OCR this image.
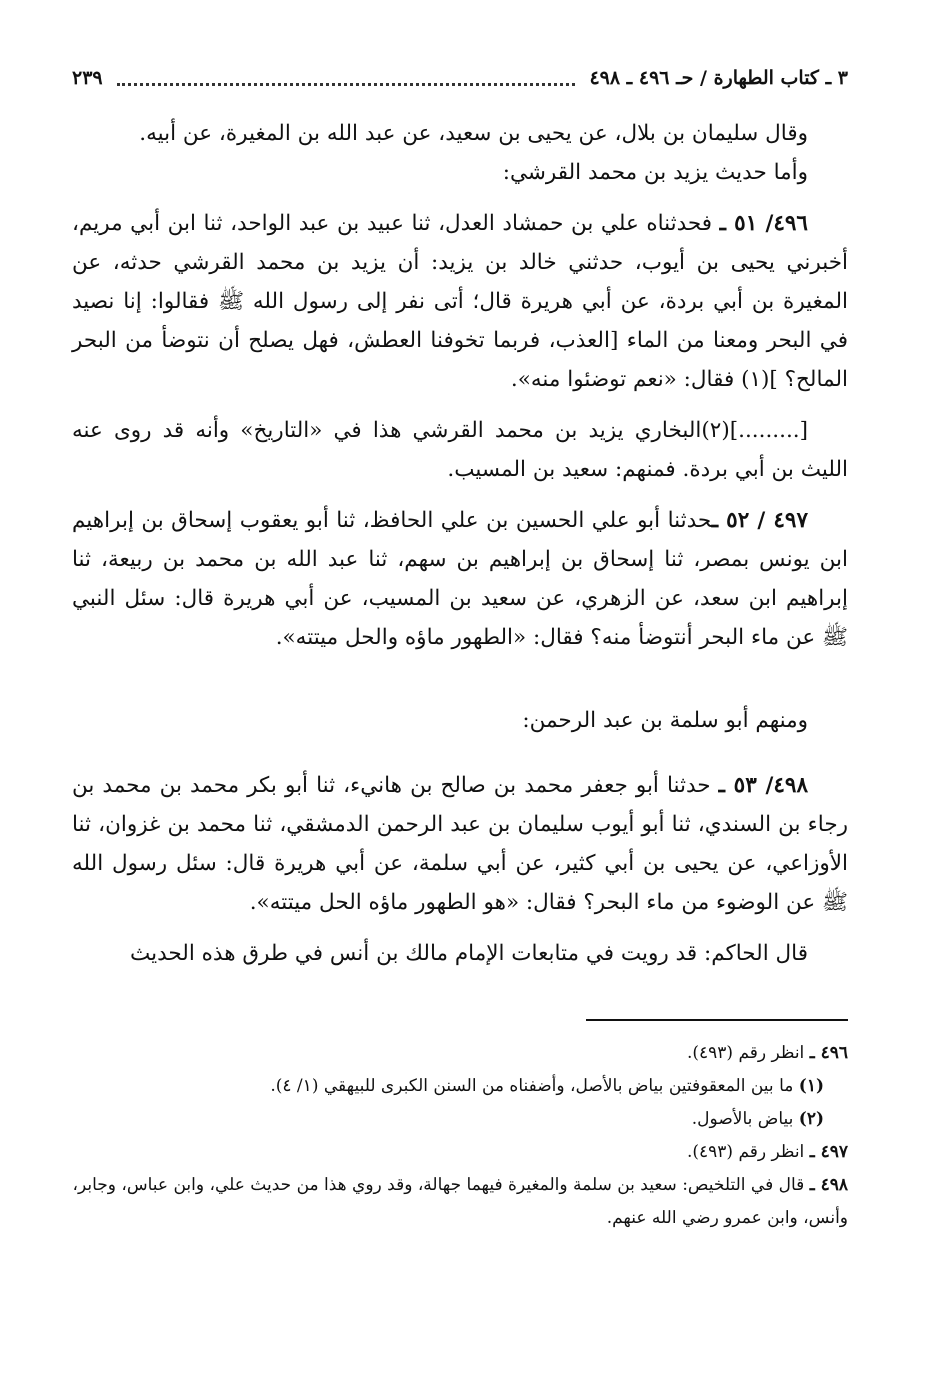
٣ ـ كتاب الطهارة / حـ ٤٩٦ ـ ٤٩٨
٢٣٩

وقال سليمان بن بلال، عن يحيى بن سعيد، عن عبد الله بن المغيرة، عن أبيه.

وأما حديث يزيد بن محمد القرشي:

٤٩٦/ ٥١ ـ فحدثناه علي بن حمشاد العدل، ثنا عبيد بن عبد الواحد، ثنا ابن أبي مريم، أخبرني يحيى بن أيوب، حدثني خالد بن يزيد: أن يزيد بن محمد القرشي حدثه، عن المغيرة بن أبي بردة، عن أبي هريرة قال؛ أتى نفر إلى رسول الله ﷺ فقالوا: إنا نصيد في البحر ومعنا من الماء [العذب، فربما تخوفنا العطش، فهل يصلح أن نتوضأ من البحر المالح؟ ](١) فقال: «نعم توضئوا منه».

[.........](٢)البخاري يزيد بن محمد القرشي هذا في «التاريخ» وأنه قد روى عنه الليث بن أبي بردة. فمنهم: سعيد بن المسيب.

٤٩٧ / ٥٢ ـحدثنا أبو علي الحسين بن علي الحافظ، ثنا أبو يعقوب إسحاق بن إبراهيم ابن يونس بمصر، ثنا إسحاق بن إبراهيم بن سهم، ثنا عبد الله بن محمد بن ربيعة، ثنا إبراهيم ابن سعد، عن الزهري، عن سعيد بن المسيب، عن أبي هريرة قال: سئل النبي ﷺ عن ماء البحر أنتوضأ منه؟ فقال: «الطهور ماؤه والحل ميتته».

ومنهم أبو سلمة بن عبد الرحمن:

٤٩٨/ ٥٣ ـ حدثنا أبو جعفر محمد بن صالح بن هانيء، ثنا أبو بكر محمد بن محمد بن رجاء بن السندي، ثنا أبو أيوب سليمان بن عبد الرحمن الدمشقي، ثنا محمد بن غزوان، ثنا الأوزاعي، عن يحيى بن أبي كثير، عن أبي سلمة، عن أبي هريرة قال: سئل رسول الله ﷺ عن الوضوء من ماء البحر؟ فقال: «هو الطهور ماؤه الحل ميتته».

قال الحاكم: قد رويت في متابعات الإمام مالك بن أنس في طرق هذه الحديث

٤٩٦ ـ انظر رقم (٤٩٣).
(١) ما بين المعقوفتين بياض بالأصل، وأضفناه من السنن الكبرى للبيهقي (١/ ٤).
(٢) بياض بالأصول.
٤٩٧ ـ انظر رقم (٤٩٣).
٤٩٨ ـ قال في التلخيص: سعيد بن سلمة والمغيرة فيهما جهالة، وقد روي هذا من حديث علي، وابن عباس، وجابر، وأنس، وابن عمرو رضي الله عنهم.
